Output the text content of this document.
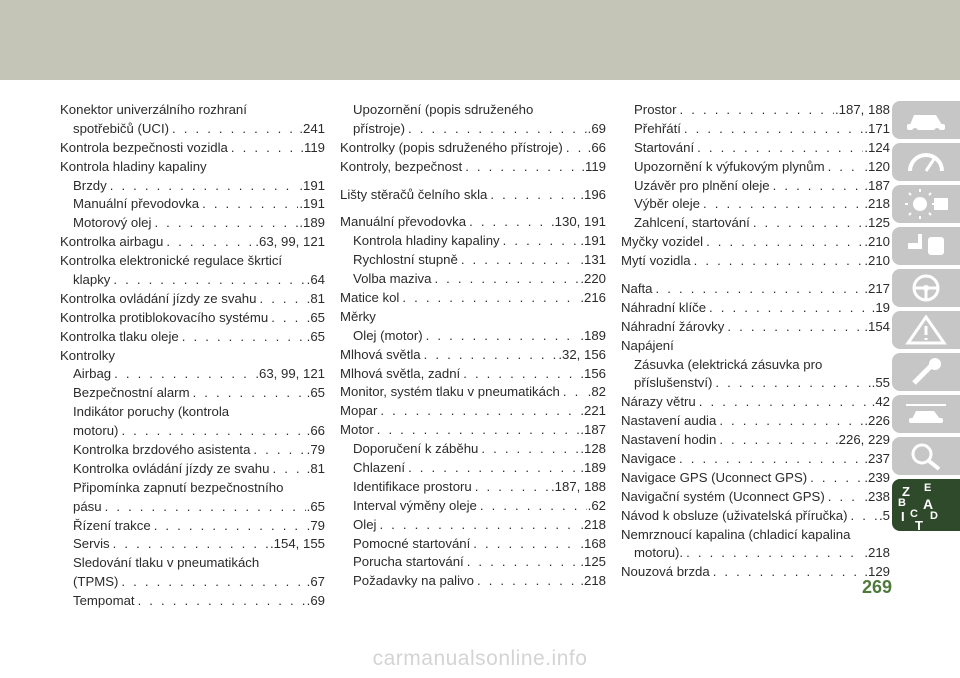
Konektor univerzálního rozhraní
spotřebičů (UCI) . . .	.241
Kontrola bezpečnosti vozidla . . .	.119
Kontrola hladiny kapaliny
Brzdy . . .	.191
Manuální převodovka . . .	.191
Motorový olej . . .	.189
Kontrolka airbagu . . .	.63, 99, 121
Kontrolka elektronické regulace škrticí
klapky . . .	.64
Kontrolka ovládání jízdy ze svahu . . .	.81
Kontrolka protiblokovacího systému . . .	.65
Kontrolka tlaku oleje . . .	.65
Kontrolky
Airbag . . .	.63, 99, 121
Bezpečnostní alarm . . .	.65
Indikátor poruchy (kontrola
motoru) . . .	.66
Kontrolka brzdového asistenta . . .	.79
Kontrolka ovládání jízdy ze svahu . . .	.81
Připomínka zapnutí bezpečnostního
pásu . . .	.65
Řízení trakce . . .	.79
Servis . . .	.154, 155
Sledování tlaku v pneumatikách
(TPMS) . . .	.67
Tempomat . . .	.69
Upozornění (popis sdruženého
přístroje) . . .	.69
Kontrolky (popis sdruženého přístroje) . . . .66
Kontroly, bezpečnost . . .	.119
Lišty stěračů čelního skla . . .	.196
Manuální převodovka . . .	.130, 191
Kontrola hladiny kapaliny . . .	.191
Rychlostní stupně . . .	.131
Volba maziva . . .	.220
Matice kol . . .	.216
Měrky
Olej (motor) . . .	.189
Mlhová světla . . .	.32, 156
Mlhová světla, zadní . . .	.156
Monitor, systém tlaku v pneumatikách . . . .82
Mopar . . .	.221
Motor . . .	.187
Doporučení k záběhu . . .	.128
Chlazení . . .	.189
Identifikace prostoru . . .	.187, 188
Interval výměny oleje . . .	.62
Olej . . .	.218
Pomocné startování . . .	.168
Porucha startování . . .	.125
Požadavky na palivo . . .	.218
Prostor . . .	.187, 188
Přehřátí . . .	.171
Startování . . .	.124
Upozornění k výfukovým plynům . . .	.120
Uzávěr pro plnění oleje . . .	.187
Výběr oleje . . .	.218
Zahlcení, startování . . .	.125
Myčky vozidel . . .	.210
Mytí vozidla . . .	.210
Nafta . . .	.217
Náhradní klíče . . .	.19
Náhradní žárovky . . .	.154
Napájení
Zásuvka (elektrická zásuvka pro
příslušenství) . . .	.55
Nárazy větru . . .	.42
Nastavení audia . . .	.226
Nastavení hodin . . .	.226, 229
Navigace . . .	.237
Navigace GPS (Uconnect GPS) . . .	.239
Navigační systém (Uconnect GPS) . . .	.238
Návod k obsluze (uživatelská příručka) . . . .5
Nemrznoucí kapalina (chladicí kapalina
motoru). . . .	.218
Nouzová brzda . . .	.129
Z E
B A
I C D
T
269
carmanualsonline.info
